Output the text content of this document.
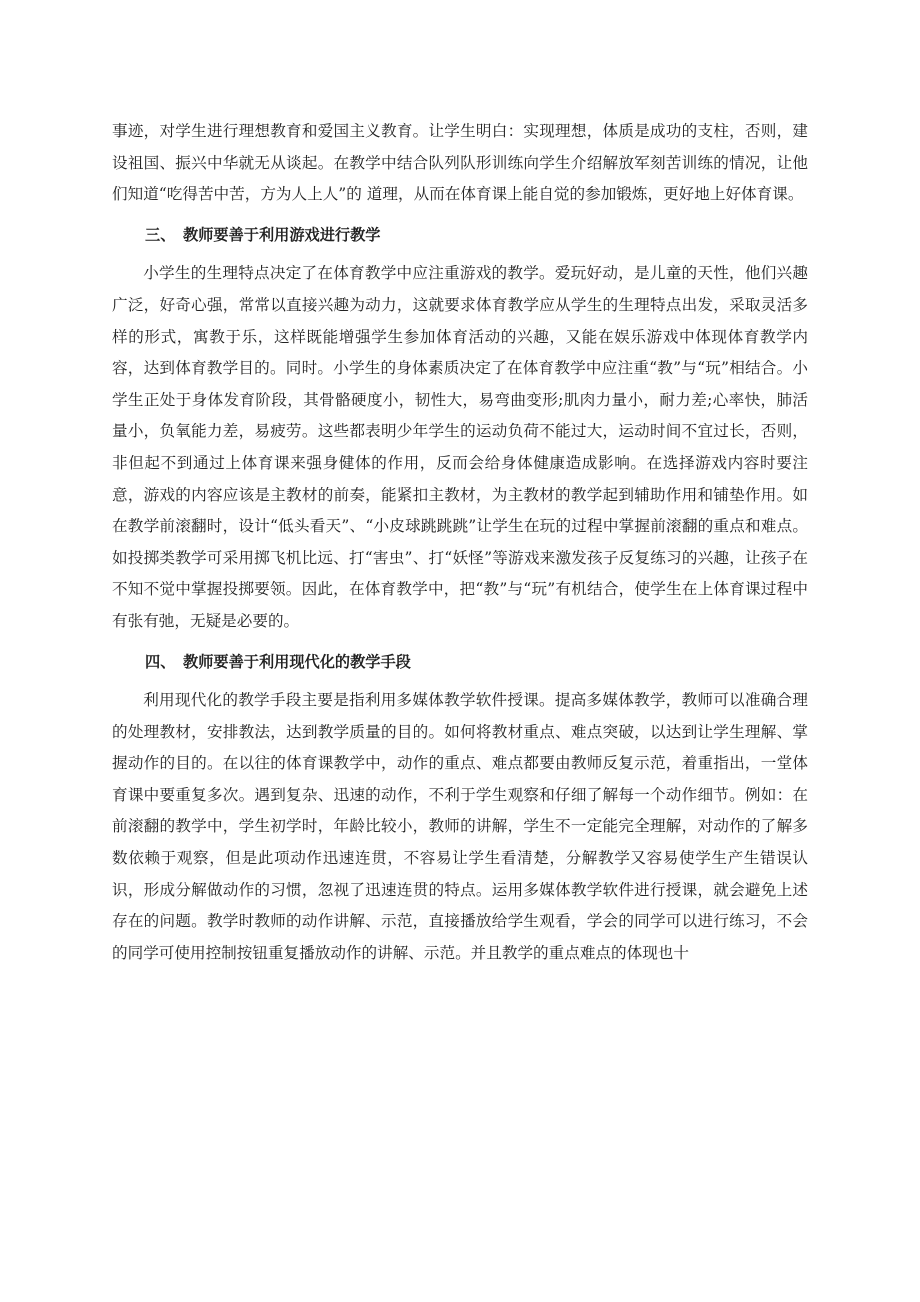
事迹，对学生进行理想教育和爱国主义教育。让学生明白：实现理想，体质是成功的支柱，否则，建设祖国、振兴中华就无从谈起。在教学中结合队列队形训练向学生介绍解放军刻苦训练的情况，让他们知道“吃得苦中苦，方为人上人”的 道理，从而在体育课上能自觉的参加锻炼，更好地上好体育课。

三、 教师要善于利用游戏进行教学

小学生的生理特点决定了在体育教学中应注重游戏的教学。爱玩好动，是儿童的天性，他们兴趣广泛，好奇心强，常常以直接兴趣为动力，这就要求体育教学应从学生的生理特点出发，采取灵活多样的形式，寓教于乐，这样既能增强学生参加体育活动的兴趣，又能在娱乐游戏中体现体育教学内容，达到体育教学目的。同时。小学生的身体素质决定了在体育教学中应注重“教”与“玩”相结合。小学生正处于身体发育阶段，其骨骼硬度小，韧性大，易弯曲变形;肌肉力量小，耐力差;心率快，肺活量小，负氧能力差，易疲劳。这些都表明少年学生的运动负荷不能过大，运动时间不宜过长，否则，非但起不到通过上体育课来强身健体的作用，反而会给身体健康造成影响。在选择游戏内容时要注意，游戏的内容应该是主教材的前奏，能紧扣主教材，为主教材的教学起到辅助作用和铺垫作用。如在教学前滚翻时，设计“低头看天”、“小皮球跳跳跳”让学生在玩的过程中掌握前滚翻的重点和难点。如投掷类教学可采用掷飞机比远、打“害虫”、打“妖怪”等游戏来激发孩子反复练习的兴趣，让孩子在不知不觉中掌握投掷要领。因此，在体育教学中，把“教”与“玩”有机结合，使学生在上体育课过程中有张有弛，无疑是必要的。

四、 教师要善于利用现代化的教学手段

利用现代化的教学手段主要是指利用多媒体教学软件授课。提高多媒体教学，教师可以准确合理的处理教材，安排教法，达到教学质量的目的。如何将教材重点、难点突破，以达到让学生理解、掌握动作的目的。在以往的体育课教学中，动作的重点、难点都要由教师反复示范，着重指出，一堂体育课中要重复多次。遇到复杂、迅速的动作，不利于学生观察和仔细了解每一个动作细节。例如：在前滚翻的教学中，学生初学时，年龄比较小，教师的讲解，学生不一定能完全理解，对动作的了解多数依赖于观察，但是此项动作迅速连贯，不容易让学生看清楚，分解教学又容易使学生产生错误认识，形成分解做动作的习惯，忽视了迅速连贯的特点。运用多媒体教学软件进行授课，就会避免上述存在的问题。教学时教师的动作讲解、示范，直接播放给学生观看，学会的同学可以进行练习，不会的同学可使用控制按钮重复播放动作的讲解、示范。并且教学的重点难点的体现也十
